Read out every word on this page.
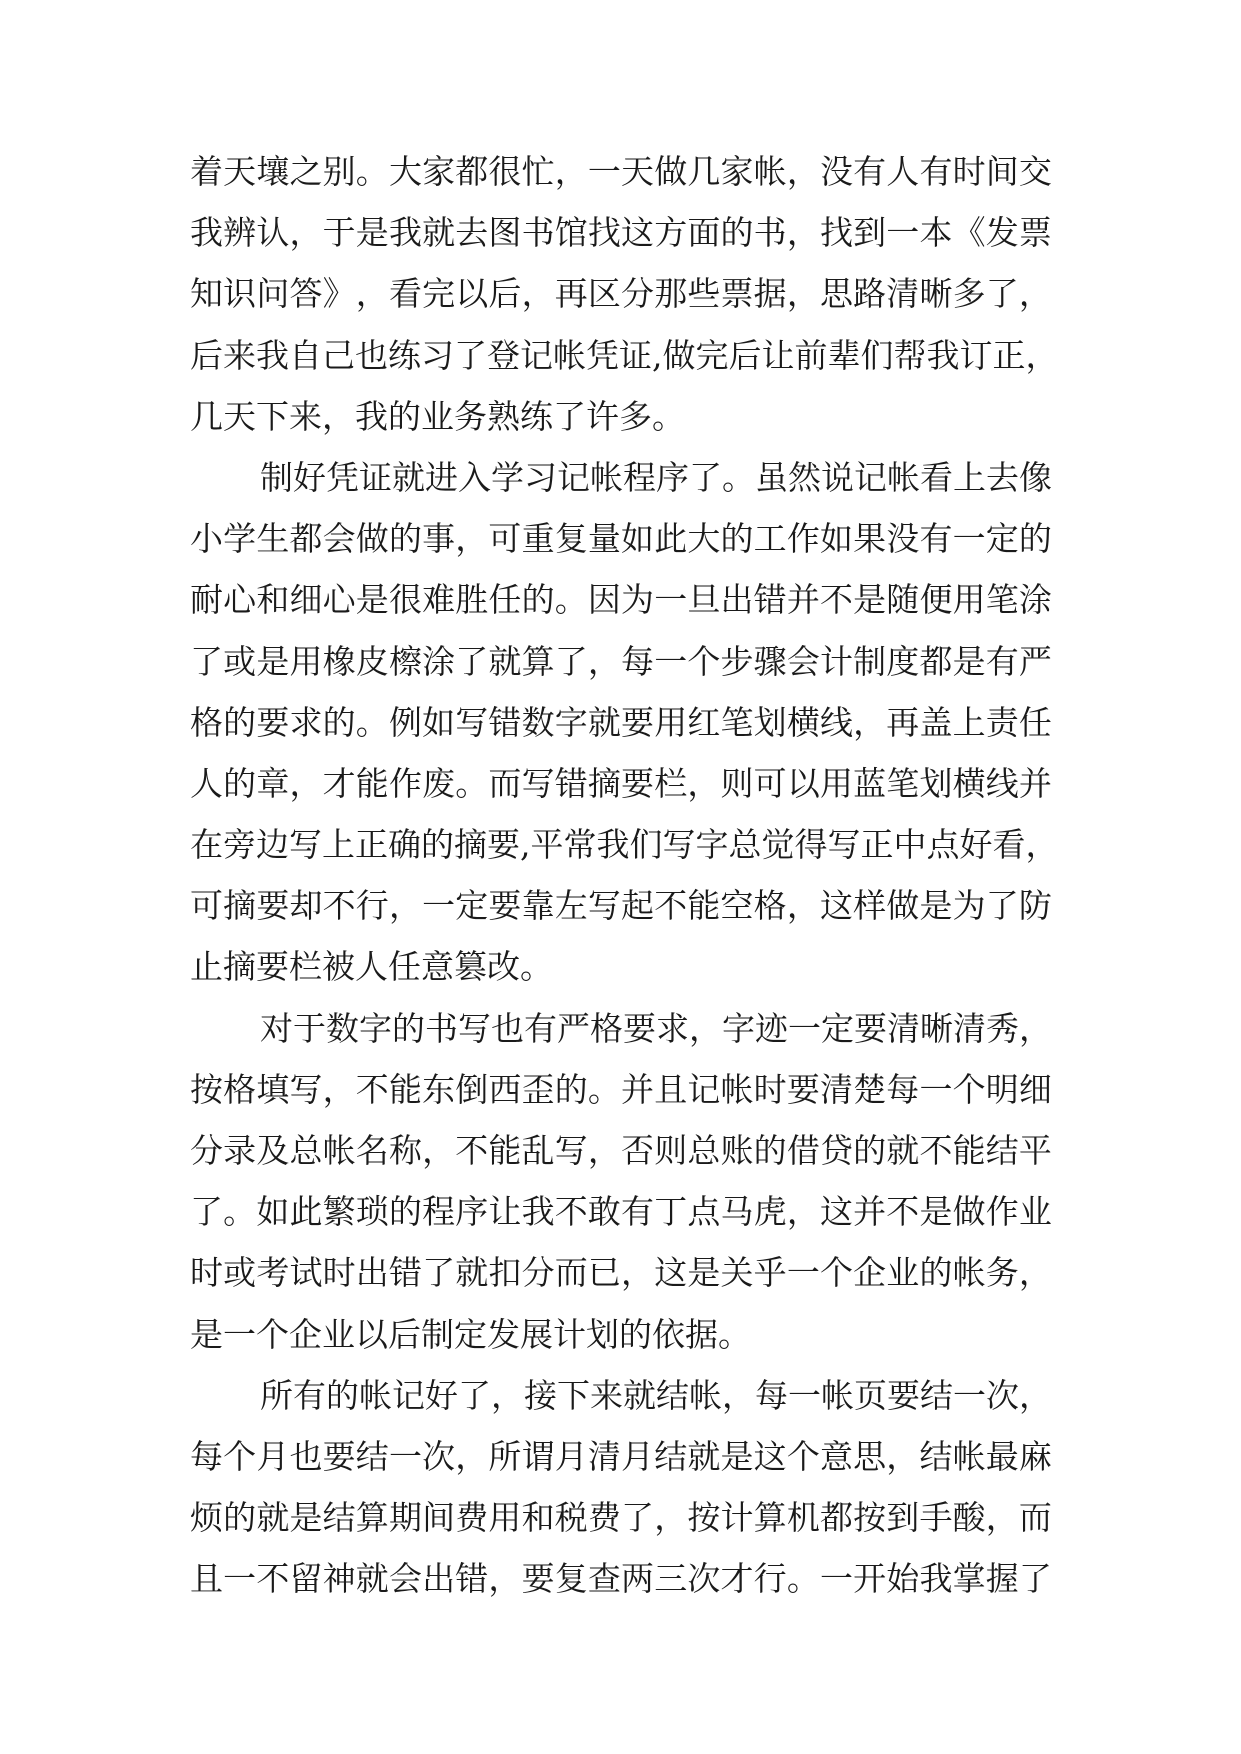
着 天 壤 之 别 。 大 家 都 很 忙 ， 一 天 做 几 家 帐 ， 没 有 人 有 时 间 交
我 辨 认 ， 于 是 我 就 去 图 书 馆 找 这 方 面 的 书 ， 找 到 一 本 《 发 票
知 识 问 答 》 ， 看 完 以 后 ， 再 区 分 那 些 票 据 ， 思 路 清 晰 多 了 ，
后 来 我 自 己 也 练 习 了 登 记 帐 凭 证 , 做 完 后 让 前 辈 们 帮 我 订 正 ，
几天下来，我的业务熟练了许多。
制 好 凭 证 就 进 入 学 习 记 帐 程 序 了 。 虽 然 说 记 帐 看 上 去 像
小 学 生 都 会 做 的 事 ， 可 重 复 量 如 此 大 的 工 作 如 果 没 有 一 定 的
耐 心 和 细 心 是 很 难 胜 任 的 。 因 为 一 旦 出 错 并 不 是 随 便 用 笔 涂
了 或 是 用 橡 皮 檫 涂 了 就 算 了 ， 每 一 个 步 骤 会 计 制 度 都 是 有 严
格 的 要 求 的 。 例 如 写 错 数 字 就 要 用 红 笔 划 横 线 ， 再 盖 上 责 任
人 的 章 ， 才 能 作 废 。 而 写 错 摘 要 栏 ， 则 可 以 用 蓝 笔 划 横 线 并
在 旁 边 写 上 正 确 的 摘 要 , 平 常 我 们 写 字 总 觉 得 写 正 中 点 好 看 ，
可 摘 要 却 不 行 ， 一 定 要 靠 左 写 起 不 能 空 格 ， 这 样 做 是 为 了 防
止摘要栏被人任意篡改。
对 于 数 字 的 书 写 也 有 严 格 要 求 ， 字 迹 一 定 要 清 晰 清 秀 ，
按 格 填 写 ， 不 能 东 倒 西 歪 的 。 并 且 记 帐 时 要 清 楚 每 一 个 明 细
分 录 及 总 帐 名 称 ， 不 能 乱 写 ， 否 则 总 账 的 借 贷 的 就 不 能 结 平
了 。 如 此 繁 琐 的 程 序 让 我 不 敢 有 丁 点 马 虎 ， 这 并 不 是 做 作 业
时 或 考 试 时 出 错 了 就 扣 分 而 已 ， 这 是 关 乎 一 个 企 业 的 帐 务 ，
是一个企业以后制定发展计划的依据。
所 有 的 帐 记 好 了 ， 接 下 来 就 结 帐 ， 每 一 帐 页 要 结 一 次 ，
每 个 月 也 要 结 一 次 ， 所 谓 月 清 月 结 就 是 这 个 意 思 ， 结 帐 最 麻
烦 的 就 是 结 算 期 间 费 用 和 税 费 了 ， 按 计 算 机 都 按 到 手 酸 ， 而
且 一 不 留 神 就 会 出 错 ， 要 复 查 两 三 次 才 行 。 一 开 始 我 掌 握 了
